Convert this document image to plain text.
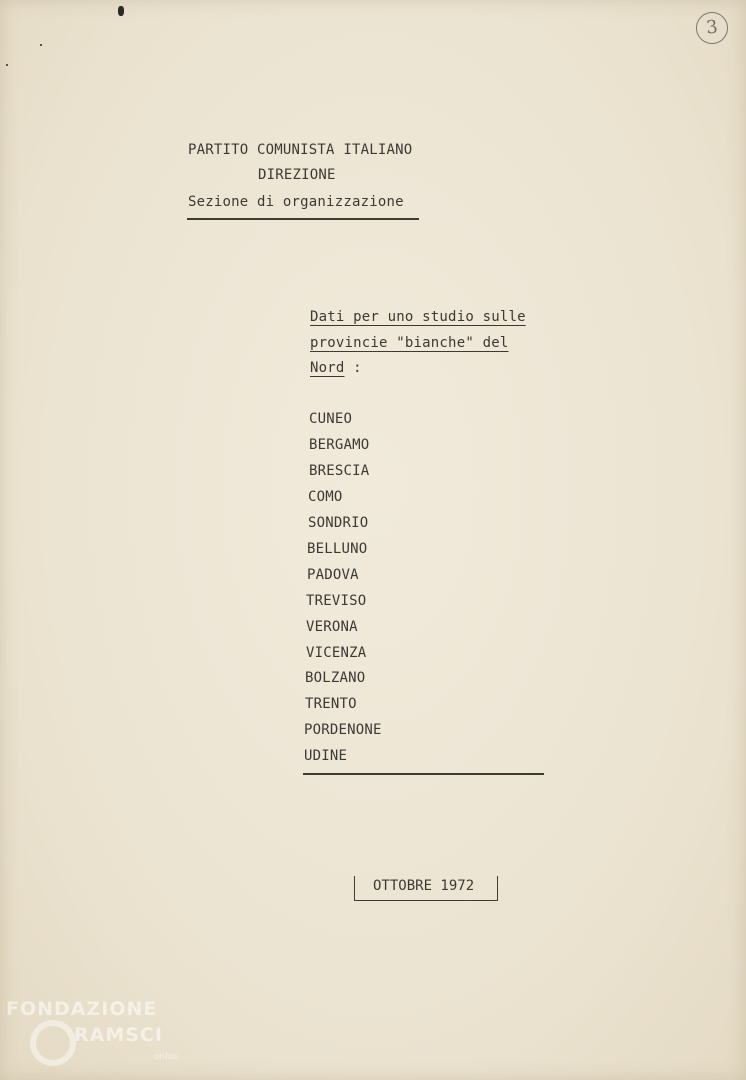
3
PARTITO COMUNISTA ITALIANO
DIREZIONE
Sezione di organizzazione
Dati per uno studio sulle
provincie "bianche" del
Nord :
CUNEO
BERGAMO
BRESCIA
COMO
SONDRIO
BELLUNO
PADOVA
TREVISO
VERONA
VICENZA
BOLZANO
TRENTO
PORDENONE
UDINE
OTTOBRE 1972
FONDAZIONE
RAMSCI
onlus
